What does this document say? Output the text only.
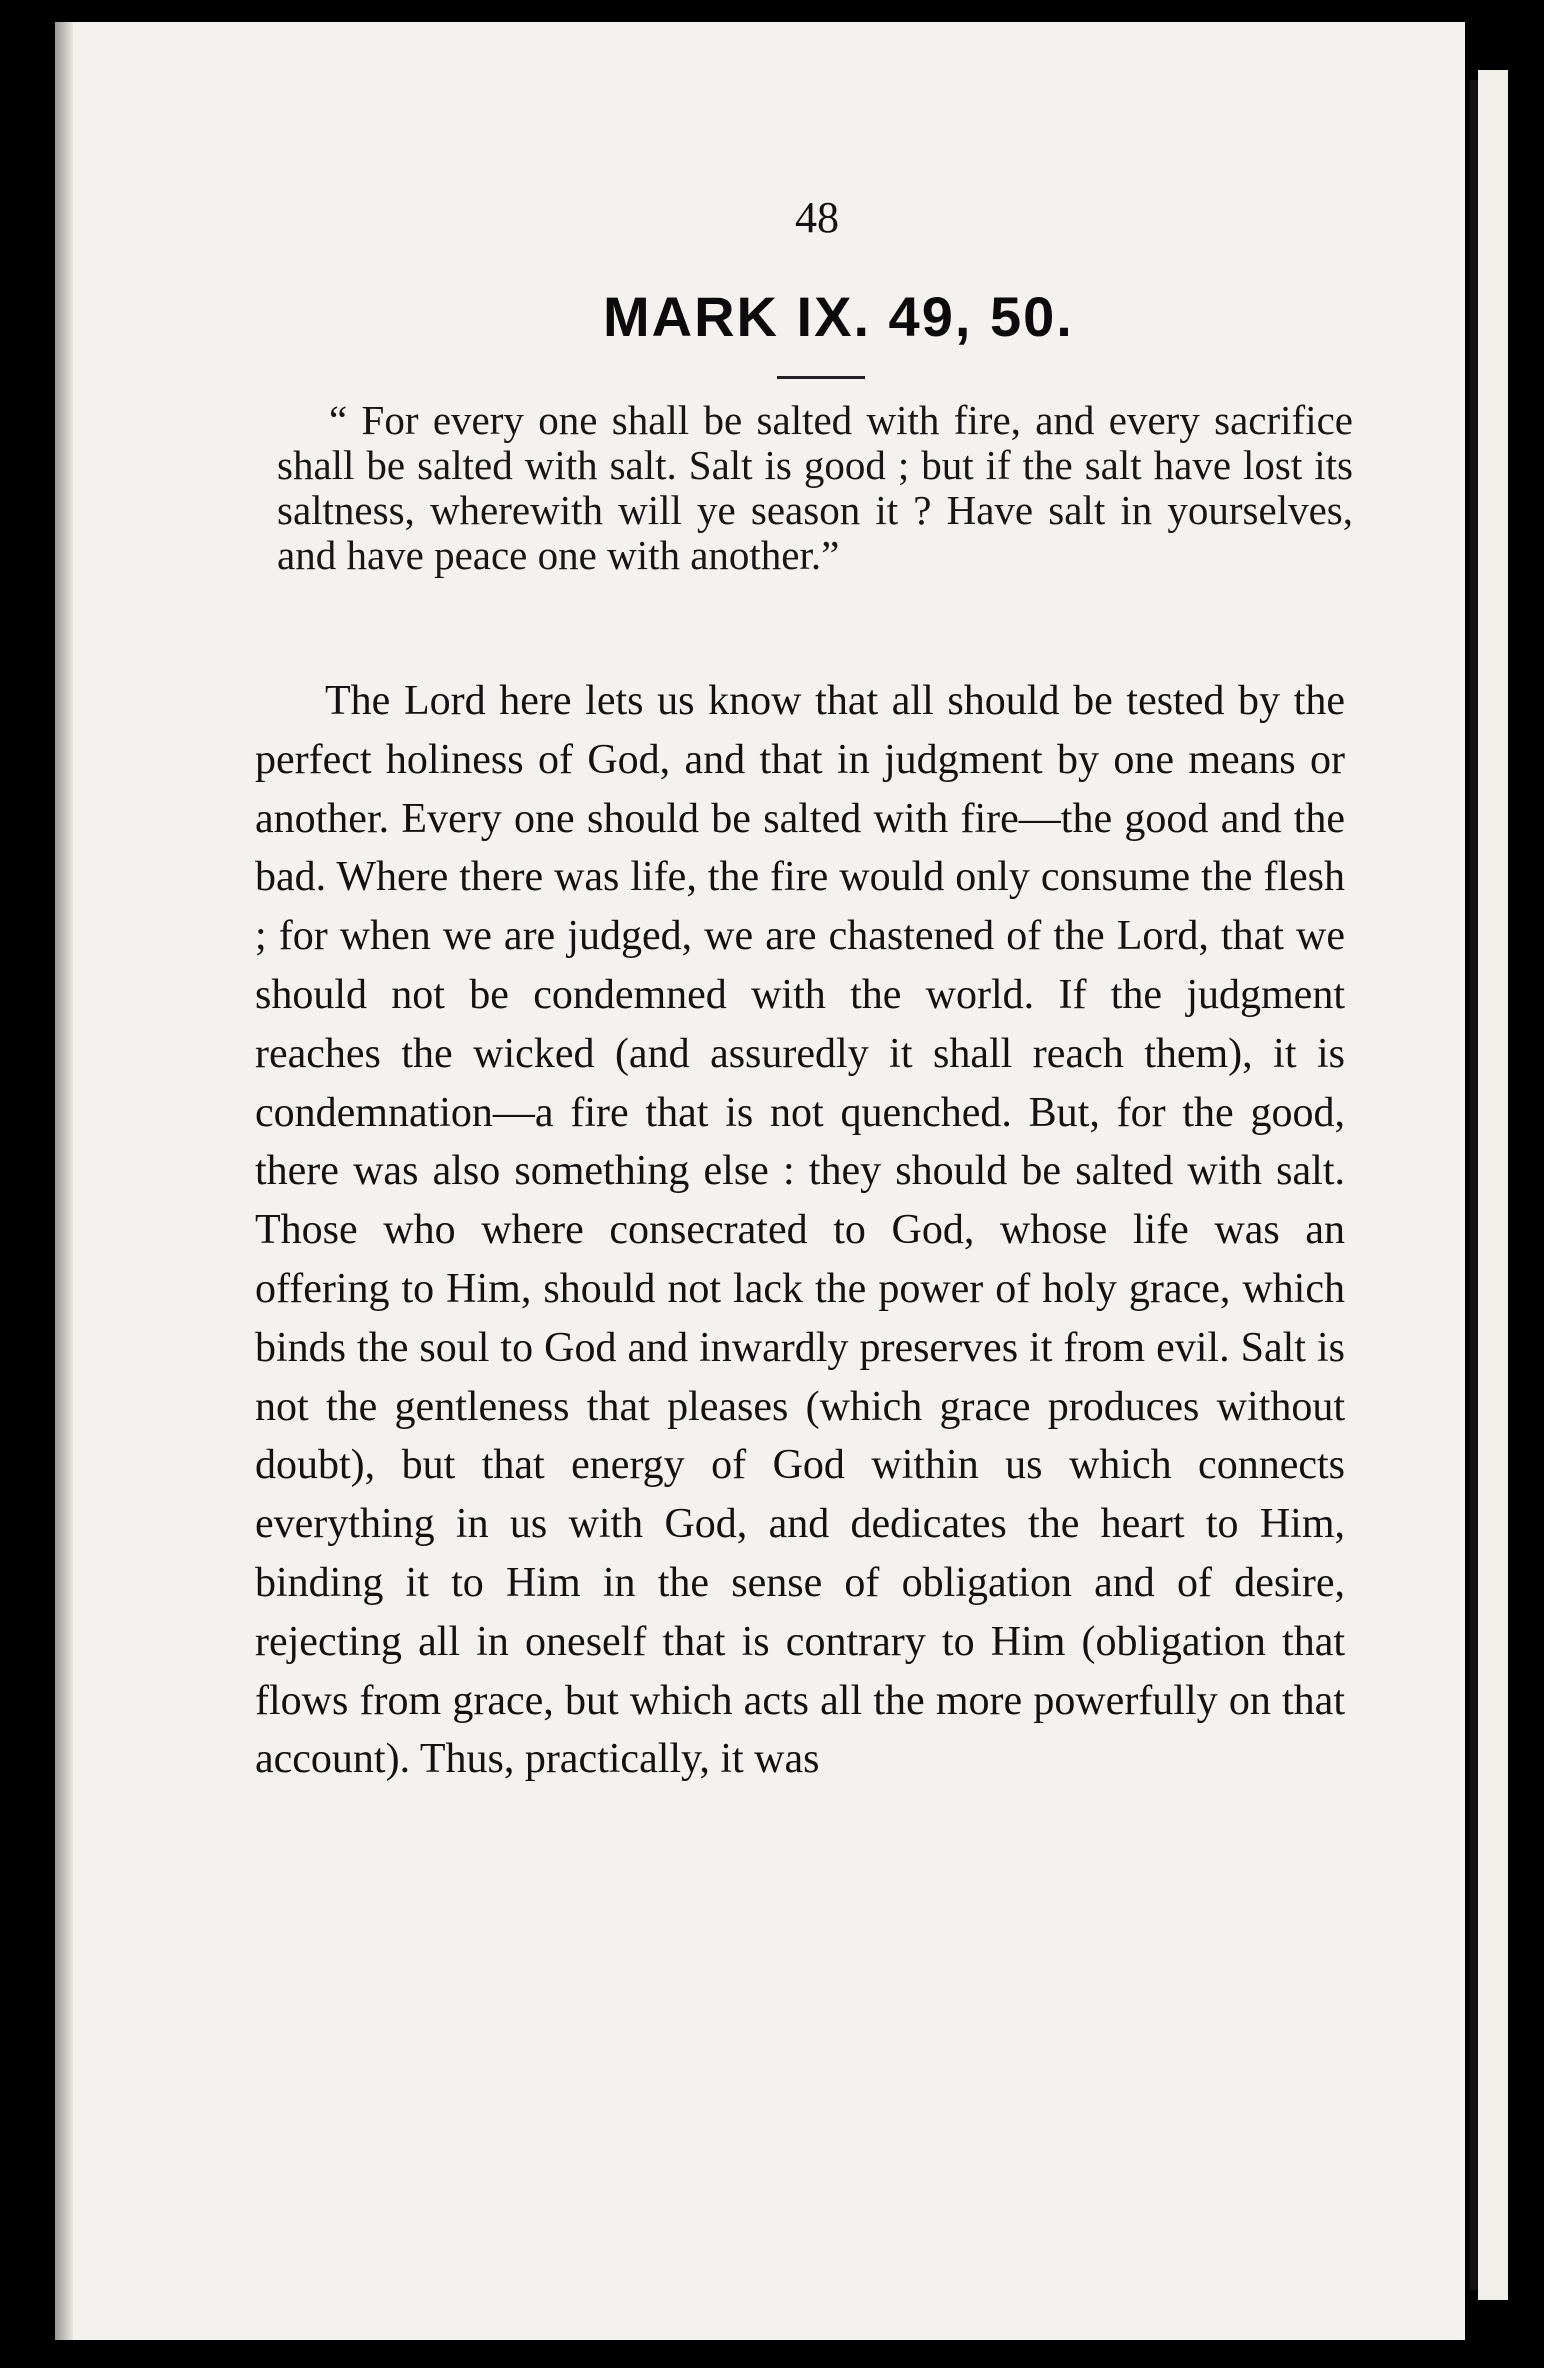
48
MARK IX. 49, 50.

“ For every one shall be salted with fire, and every sacrifice shall be salted with salt. Salt is good ; but if the salt have lost its saltness, wherewith will ye season it ? Have salt in yourselves, and have peace one with another.”

The Lord here lets us know that all should be tested by the perfect holiness of God, and that in judgment by one means or another. Every one should be salted with fire—the good and the bad. Where there was life, the fire would only consume the flesh ; for when we are judged, we are chastened of the Lord, that we should not be condemned with the world. If the judgment reaches the wicked (and assuredly it shall reach them), it is condemnation—a fire that is not quenched. But, for the good, there was also something else : they should be salted with salt. Those who where consecrated to God, whose life was an offering to Him, should not lack the power of holy grace, which binds the soul to God and inwardly preserves it from evil. Salt is not the gentleness that pleases (which grace produces without doubt), but that energy of God within us which connects everything in us with God, and dedicates the heart to Him, binding it to Him in the sense of obligation and of desire, rejecting all in oneself that is contrary to Him (obligation that flows from grace, but which acts all the more powerfully on that account). Thus, practically, it was
